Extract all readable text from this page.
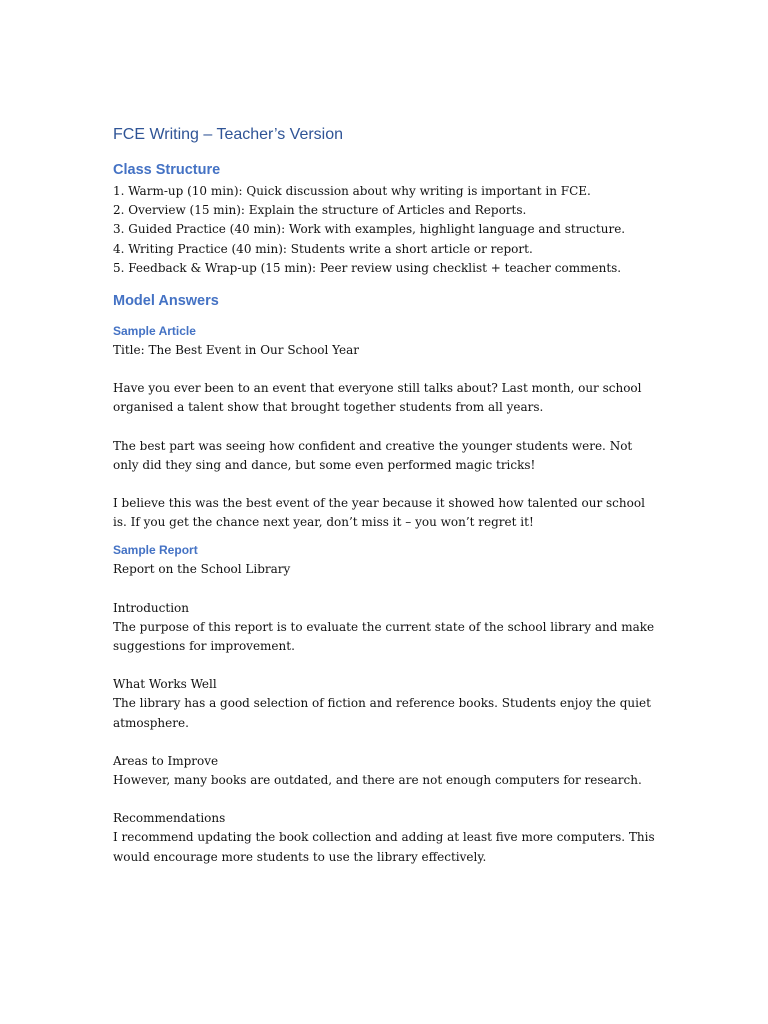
FCE Writing – Teacher’s Version
Class Structure
1. Warm-up (10 min): Quick discussion about why writing is important in FCE.
2. Overview (15 min): Explain the structure of Articles and Reports.
3. Guided Practice (40 min): Work with examples, highlight language and structure.
4. Writing Practice (40 min): Students write a short article or report.
5. Feedback & Wrap-up (15 min): Peer review using checklist + teacher comments.
Model Answers
Sample Article

Title: The Best Event in Our School Year

Have you ever been to an event that everyone still talks about? Last month, our school organised a talent show that brought together students from all years.

The best part was seeing how confident and creative the younger students were. Not only did they sing and dance, but some even performed magic tricks!

I believe this was the best event of the year because it showed how talented our school is. If you get the chance next year, don’t miss it – you won’t regret it!

Sample Report

Report on the School Library

Introduction

The purpose of this report is to evaluate the current state of the school library and make suggestions for improvement.

What Works Well

The library has a good selection of fiction and reference books. Students enjoy the quiet atmosphere.

Areas to Improve

However, many books are outdated, and there are not enough computers for research.

Recommendations

I recommend updating the book collection and adding at least five more computers. This would encourage more students to use the library effectively.
